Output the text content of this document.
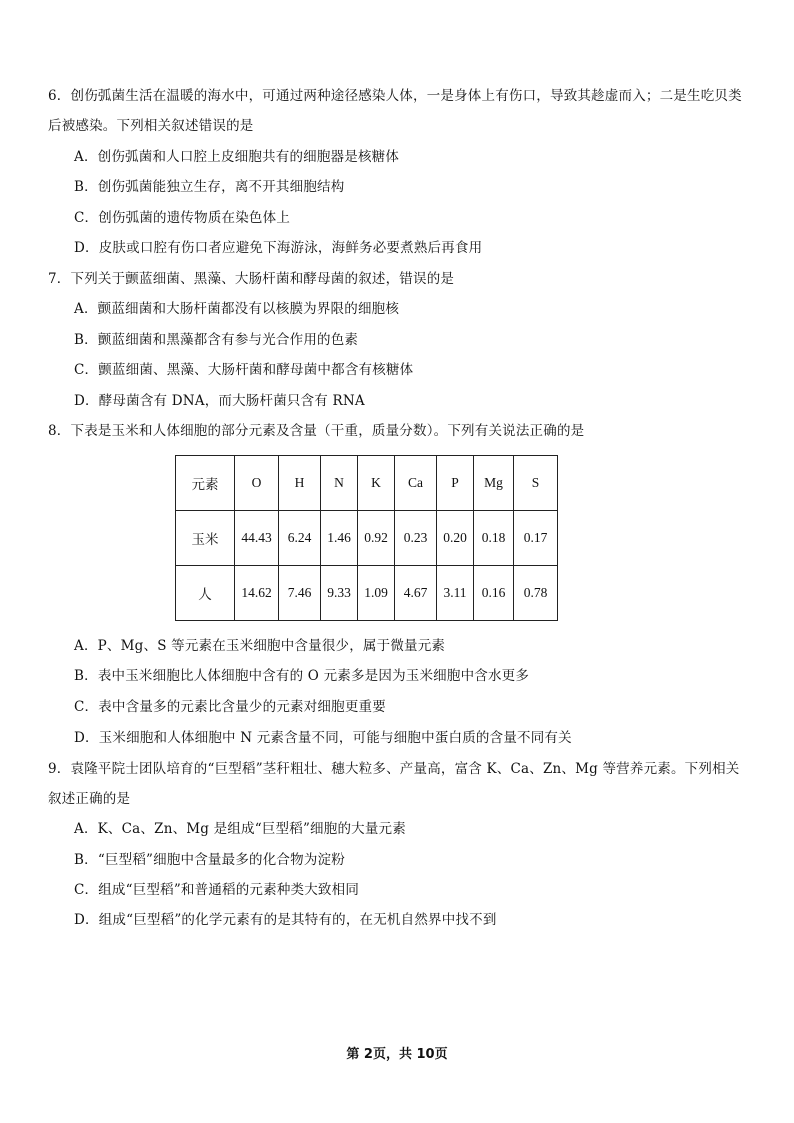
6．创伤弧菌生活在温暖的海水中，可通过两种途径感染人体，一是身体上有伤口，导致其趁虚而入；二是生吃贝类
后被感染。下列相关叙述错误的是
A．创伤弧菌和人口腔上皮细胞共有的细胞器是核糖体
B．创伤弧菌能独立生存，离不开其细胞结构
C．创伤弧菌的遗传物质在染色体上
D．皮肤或口腔有伤口者应避免下海游泳，海鲜务必要煮熟后再食用
7．下列关于颤蓝细菌、黑藻、大肠杆菌和酵母菌的叙述，错误的是
A．颤蓝细菌和大肠杆菌都没有以核膜为界限的细胞核
B．颤蓝细菌和黑藻都含有参与光合作用的色素
C．颤蓝细菌、黑藻、大肠杆菌和酵母菌中都含有核糖体
D．酵母菌含有 DNA，而大肠杆菌只含有 RNA
8．下表是玉米和人体细胞的部分元素及含量（干重，质量分数）。下列有关说法正确的是
元素	O	H	N	K	Ca	P	Mg	S
玉米	44.43	6.24	1.46	0.92	0.23	0.20	0.18	0.17
人	14.62	7.46	9.33	1.09	4.67	3.11	0.16	0.78
A．P、Mg、S 等元素在玉米细胞中含量很少，属于微量元素
B．表中玉米细胞比人体细胞中含有的 O 元素多是因为玉米细胞中含水更多
C．表中含量多的元素比含量少的元素对细胞更重要
D．玉米细胞和人体细胞中 N 元素含量不同，可能与细胞中蛋白质的含量不同有关
9．袁隆平院士团队培育的“巨型稻”茎秆粗壮、穗大粒多、产量高，富含 K、Ca、Zn、Mg 等营养元素。下列相关
叙述正确的是
A．K、Ca、Zn、Mg 是组成“巨型稻”细胞的大量元素
B．“巨型稻”细胞中含量最多的化合物为淀粉
C．组成“巨型稻”和普通稻的元素种类大致相同
D．组成“巨型稻”的化学元素有的是其特有的，在无机自然界中找不到
第 2页，共 10页
